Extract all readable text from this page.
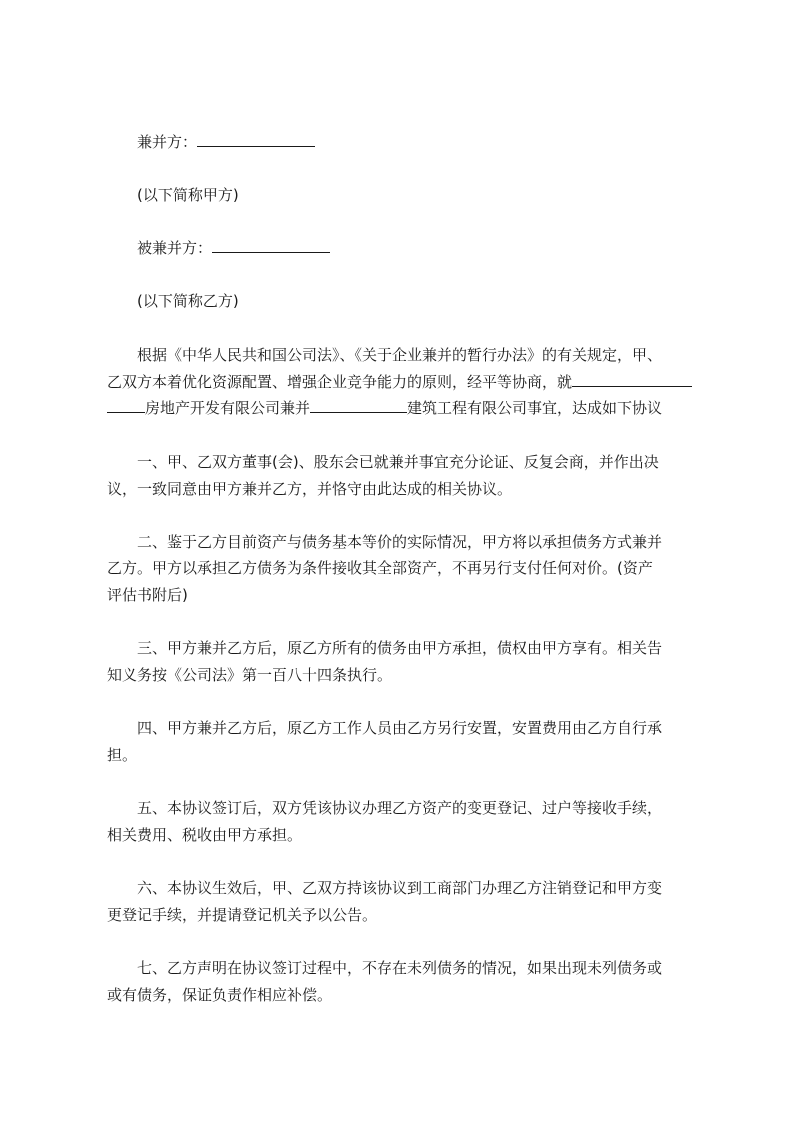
兼并方：
(以下简称甲方)
被兼并方：
(以下简称乙方)
根据《中华人民共和国公司法》、《关于企业兼并的暂行办法》的有关规定，甲、
乙双方本着优化资源配置、增强企业竞争能力的原则，经平等协商，就
房地产开发有限公司兼并	建筑工程有限公司事宜，达成如下协议
一、甲、乙双方董事(会)、股东会已就兼并事宜充分论证、反复会商，并作出决
议，一致同意由甲方兼并乙方，并恪守由此达成的相关协议。
二、鉴于乙方目前资产与债务基本等价的实际情况，甲方将以承担债务方式兼并
乙方。甲方以承担乙方债务为条件接收其全部资产，不再另行支付任何对价。(资产
评估书附后)
三、甲方兼并乙方后，原乙方所有的债务由甲方承担，债权由甲方享有。相关告
知义务按《公司法》第一百八十四条执行。
四、甲方兼并乙方后，原乙方工作人员由乙方另行安置，安置费用由乙方自行承
担。
五、本协议签订后，双方凭该协议办理乙方资产的变更登记、过户等接收手续，
相关费用、税收由甲方承担。
六、本协议生效后，甲、乙双方持该协议到工商部门办理乙方注销登记和甲方变
更登记手续，并提请登记机关予以公告。
七、乙方声明在协议签订过程中，不存在未列债务的情况，如果出现未列债务或
或有债务，保证负责作相应补偿。
